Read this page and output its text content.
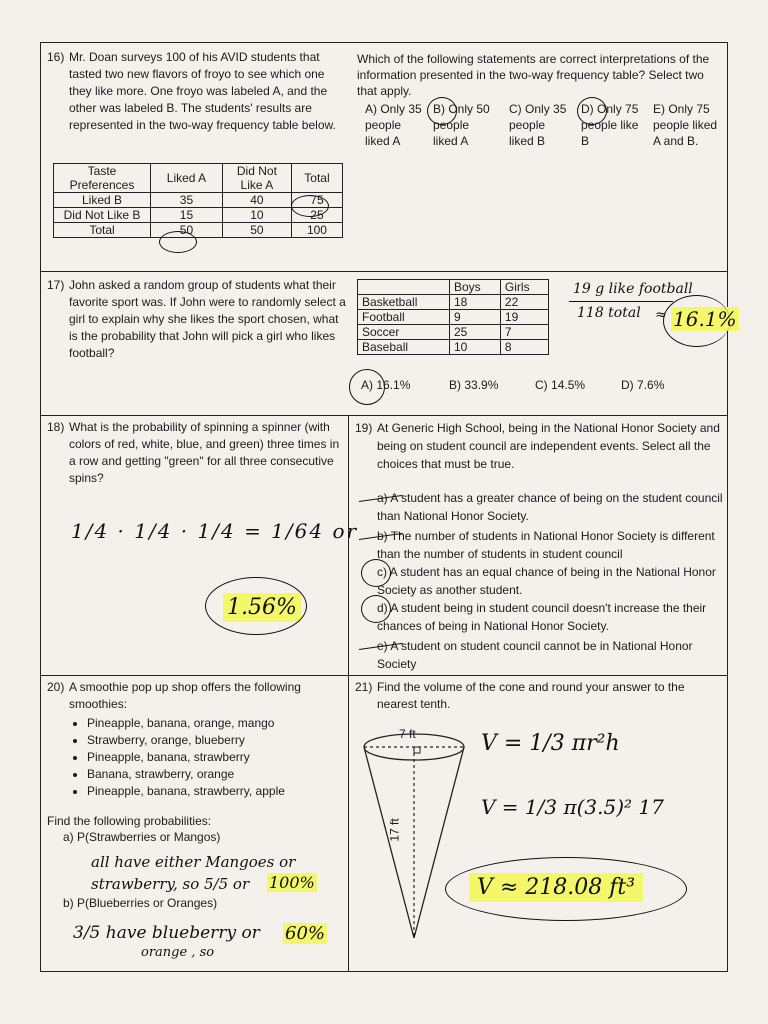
16) Mr. Doan surveys 100 of his AVID students that tasted two new flavors of froyo to see which one they like more. One froyo was labeled A, and the other was labeled B. The students' results are represented in the two-way frequency table below.
Taste Preferences	Liked A	Did Not Like A	Total
Liked B	35	40	75
Did Not Like B	15	10	25
Total	50	50	100
Which of the following statements are correct interpretations of the information presented in the two-way frequency table? Select two that apply.
A) Only 35 people liked A
B) Only 50 people liked A
C) Only 35 people liked B
D) Only 75 people like B
E) Only 75 people liked A and B.
17) John asked a random group of students what their favorite sport was. If John were to randomly select a girl to explain why she likes the sport chosen, what is the probability that John will pick a girl who likes football?
	Boys	Girls
Basketball	18	22
Football	9	19
Soccer	25	7
Baseball	10	8
19 g like football
118 total ≈ 16.1%
A) 16.1%	B) 33.9%	C) 14.5%	D) 7.6%
18) What is the probability of spinning a spinner (with colors of red, white, blue, and green) three times in a row and getting "green" for all three consecutive spins?
1/4 · 1/4 · 1/4 = 1/64 or
1.56%
19) At Generic High School, being in the National Honor Society and being on student council are independent events. Select all the choices that must be true.
a) A student has a greater chance of being on the student council than National Honor Society.
b) The number of students in National Honor Society is different than the number of students in student council
c) A student has an equal chance of being in the National Honor Society as another student.
d) A student being in student council doesn't increase the their chances of being in National Honor Society.
e) A student on student council cannot be in National Honor Society
20) A smoothie pop up shop offers the following smoothies:
• Pineapple, banana, orange, mango
• Strawberry, orange, blueberry
• Pineapple, banana, strawberry
• Banana, strawberry, orange
• Pineapple, banana, strawberry, apple
Find the following probabilities:
a) P(Strawberries or Mangos)
all have either Mangoes or
strawberry, so 5/5 or 100%
b) P(Blueberries or Oranges)
3/5 have blueberry or
orange , so
60%
21) Find the volume of the cone and round your answer to the nearest tenth.
7 ft
17 ft
V = 1/3 πr²h
V = 1/3 π(3.5)² 17
V ≈ 218.08 ft³
